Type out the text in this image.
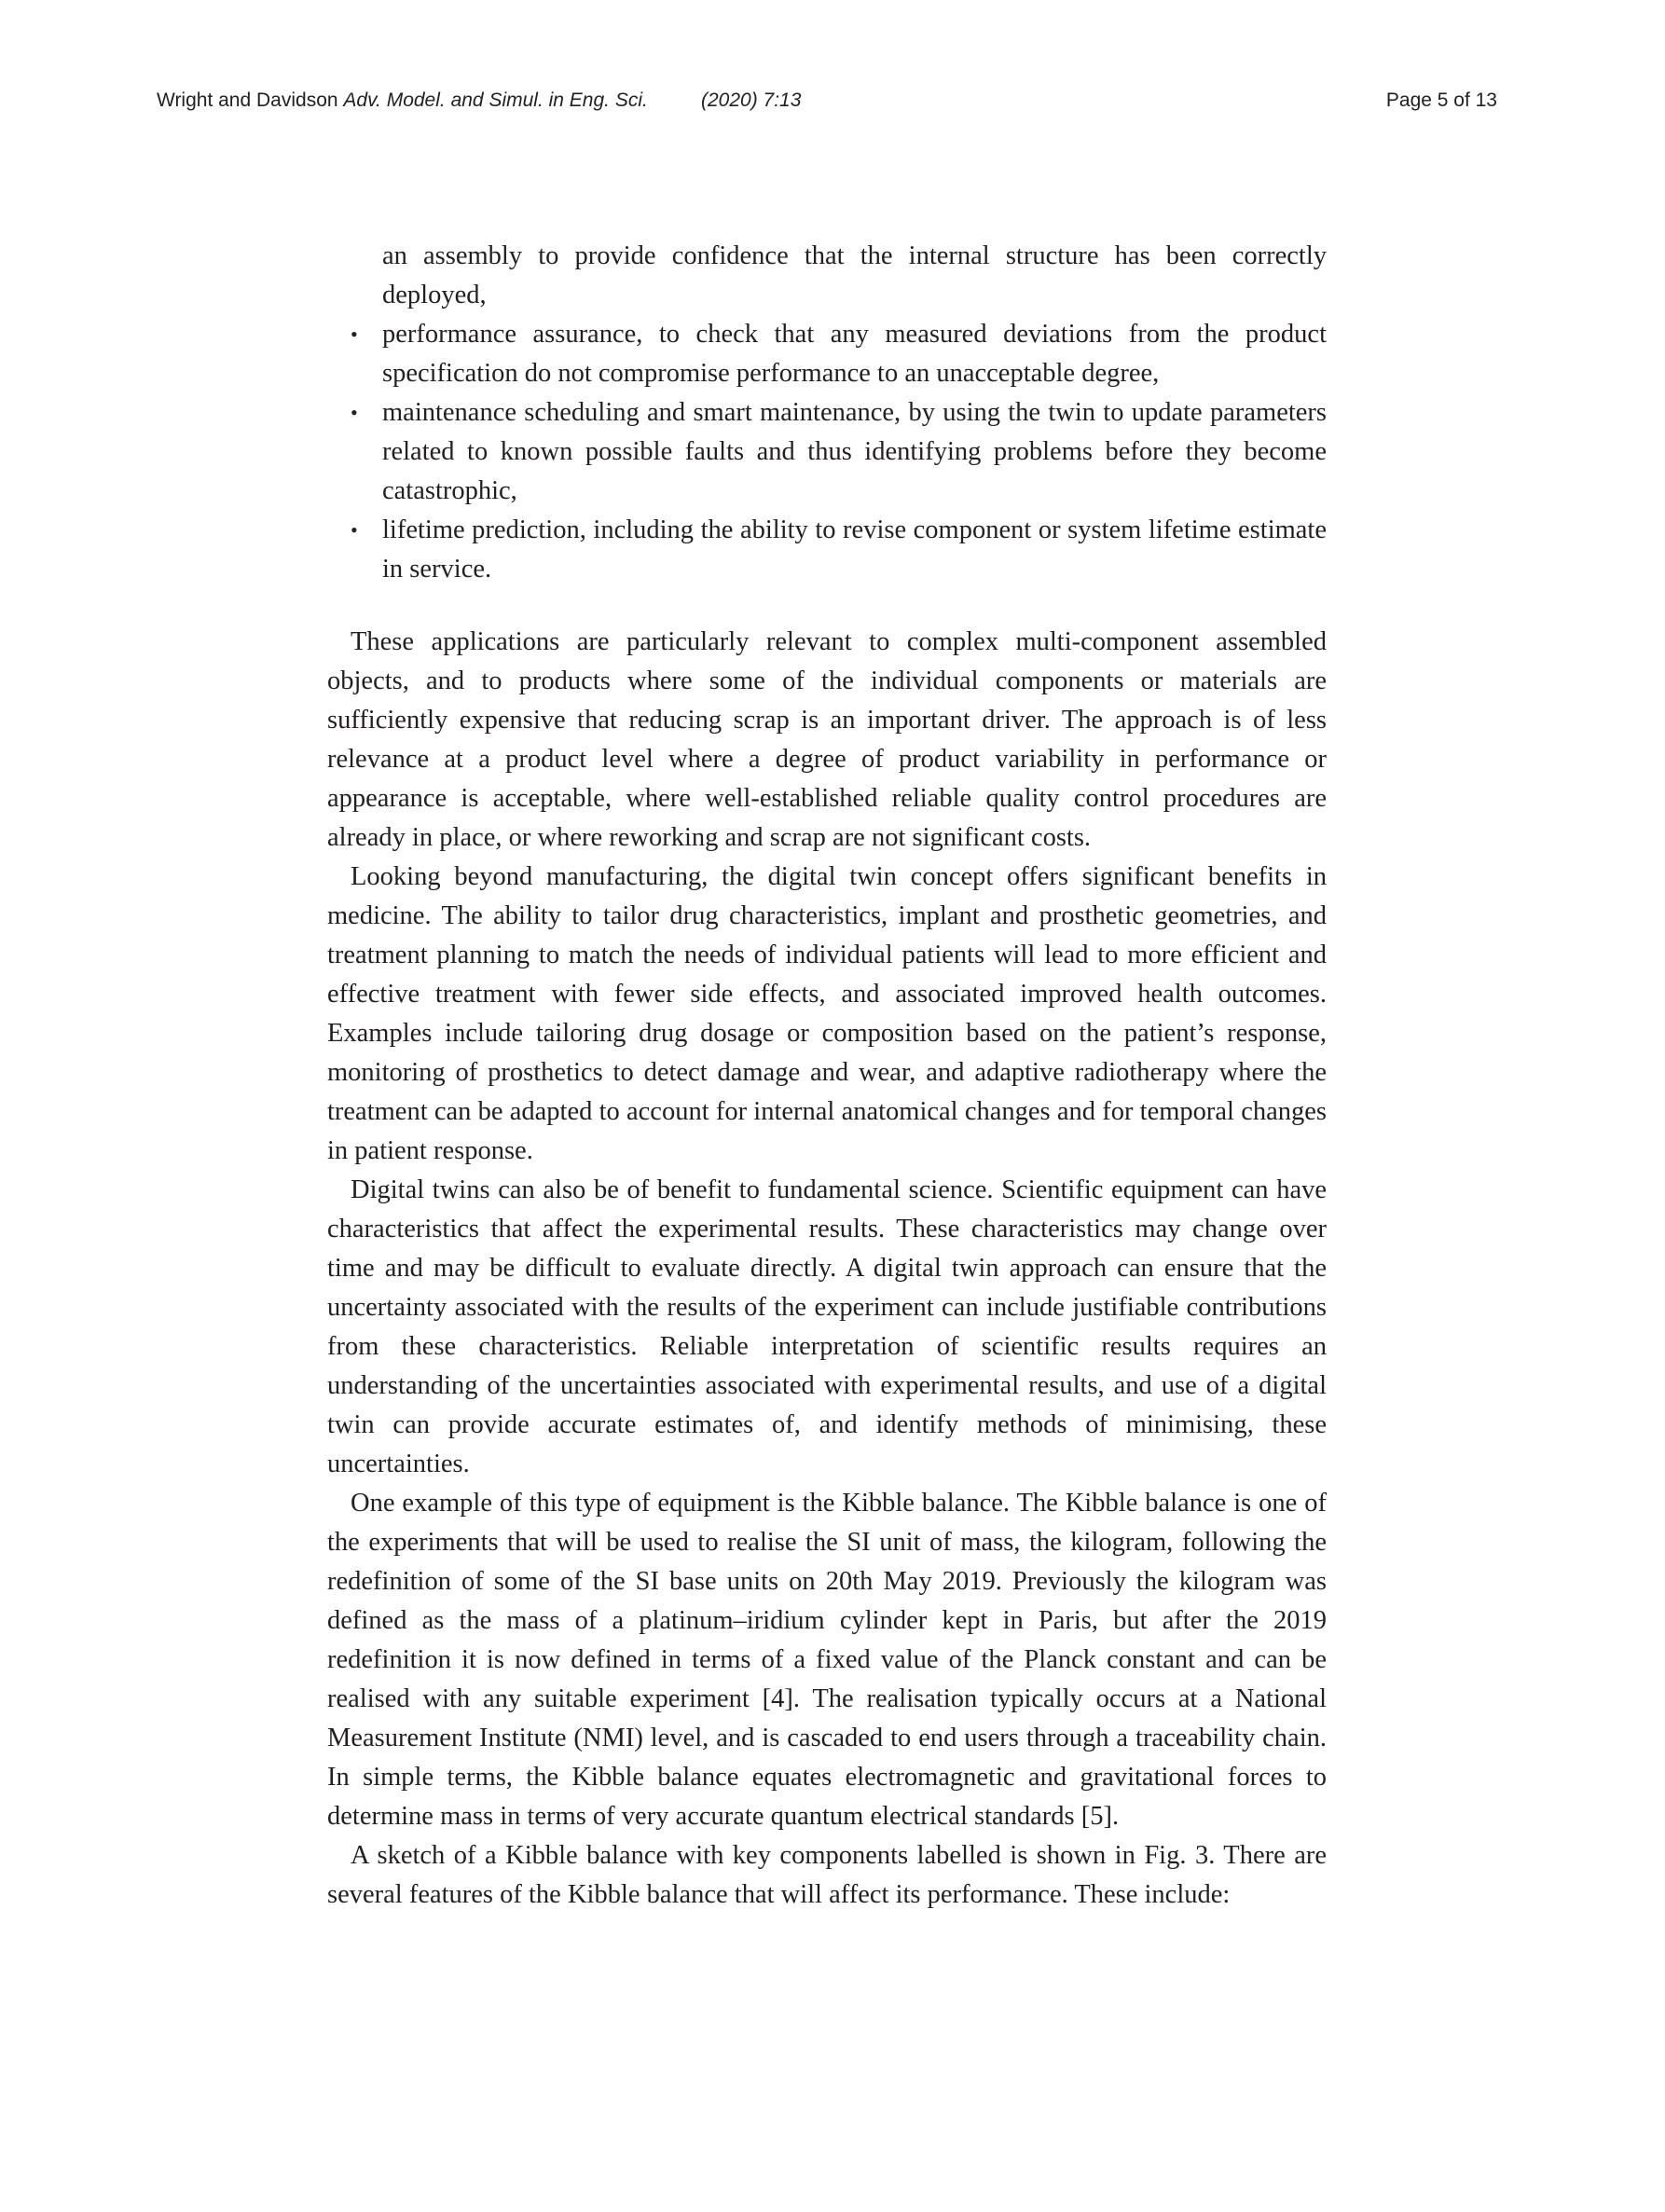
Wright and Davidson Adv. Model. and Simul. in Eng. Sci.	(2020) 7:13	Page 5 of 13
an assembly to provide confidence that the internal structure has been correctly deployed,
• performance assurance, to check that any measured deviations from the product specification do not compromise performance to an unacceptable degree,
• maintenance scheduling and smart maintenance, by using the twin to update parameters related to known possible faults and thus identifying problems before they become catastrophic,
• lifetime prediction, including the ability to revise component or system lifetime estimate in service.

These applications are particularly relevant to complex multi-component assembled objects, and to products where some of the individual components or materials are sufficiently expensive that reducing scrap is an important driver. The approach is of less relevance at a product level where a degree of product variability in performance or appearance is acceptable, where well-established reliable quality control procedures are already in place, or where reworking and scrap are not significant costs.

Looking beyond manufacturing, the digital twin concept offers significant benefits in medicine. The ability to tailor drug characteristics, implant and prosthetic geometries, and treatment planning to match the needs of individual patients will lead to more efficient and effective treatment with fewer side effects, and associated improved health outcomes. Examples include tailoring drug dosage or composition based on the patient’s response, monitoring of prosthetics to detect damage and wear, and adaptive radiotherapy where the treatment can be adapted to account for internal anatomical changes and for temporal changes in patient response.

Digital twins can also be of benefit to fundamental science. Scientific equipment can have characteristics that affect the experimental results. These characteristics may change over time and may be difficult to evaluate directly. A digital twin approach can ensure that the uncertainty associated with the results of the experiment can include justifiable contributions from these characteristics. Reliable interpretation of scientific results requires an understanding of the uncertainties associated with experimental results, and use of a digital twin can provide accurate estimates of, and identify methods of minimising, these uncertainties.

One example of this type of equipment is the Kibble balance. The Kibble balance is one of the experiments that will be used to realise the SI unit of mass, the kilogram, following the redefinition of some of the SI base units on 20th May 2019. Previously the kilogram was defined as the mass of a platinum–iridium cylinder kept in Paris, but after the 2019 redefinition it is now defined in terms of a fixed value of the Planck constant and can be realised with any suitable experiment [4]. The realisation typically occurs at a National Measurement Institute (NMI) level, and is cascaded to end users through a traceability chain. In simple terms, the Kibble balance equates electromagnetic and gravitational forces to determine mass in terms of very accurate quantum electrical standards [5].

A sketch of a Kibble balance with key components labelled is shown in Fig. 3. There are several features of the Kibble balance that will affect its performance. These include:
